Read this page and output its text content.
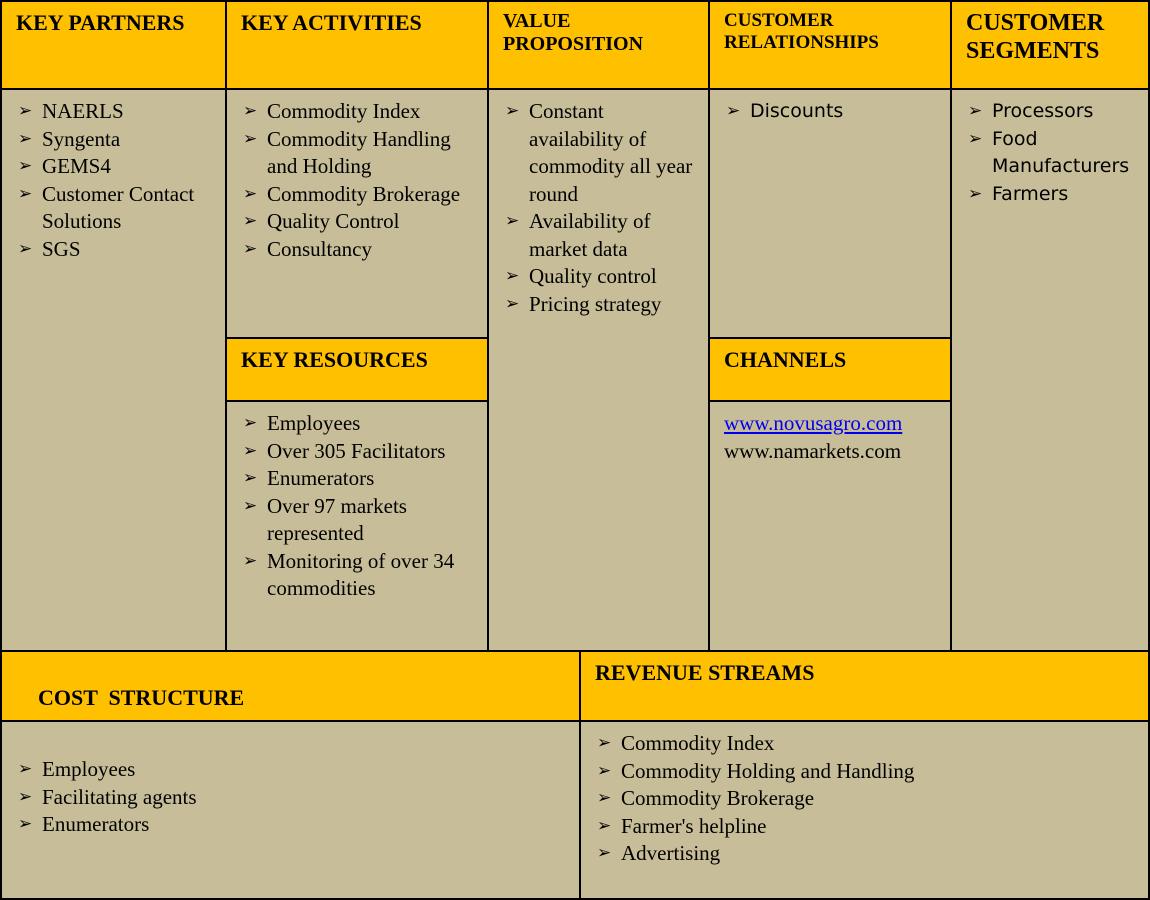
KEY PARTNERS
➢ NAERLS
➢ Syngenta
➢ GEMS4
➢ Customer Contact Solutions
➢ SGS
KEY ACTIVITIES
➢ Commodity Index
➢ Commodity Handling and Holding
➢ Commodity Brokerage
➢ Quality Control
➢ Consultancy
KEY RESOURCES
➢ Employees
➢ Over 305 Facilitators
➢ Enumerators
➢ Over 97 markets represented
➢ Monitoring of over 34 commodities
VALUE PROPOSITION
➢ Constant availability of commodity all year round
➢ Availability of market data
➢ Quality control
➢ Pricing strategy
CUSTOMER RELATIONSHIPS
➢ Discounts
CHANNELS
www.novusagro.com
www.namarkets.com
CUSTOMER SEGMENTS
➢ Processors
➢ Food Manufacturers
➢ Farmers

COST  STRUCTURE

➢ Employees
➢ Facilitating agents
➢ Enumerators
REVENUE STREAMS
➢ Commodity Index
➢ Commodity Holding and Handling
➢ Commodity Brokerage
➢ Farmer's helpline
➢ Advertising
